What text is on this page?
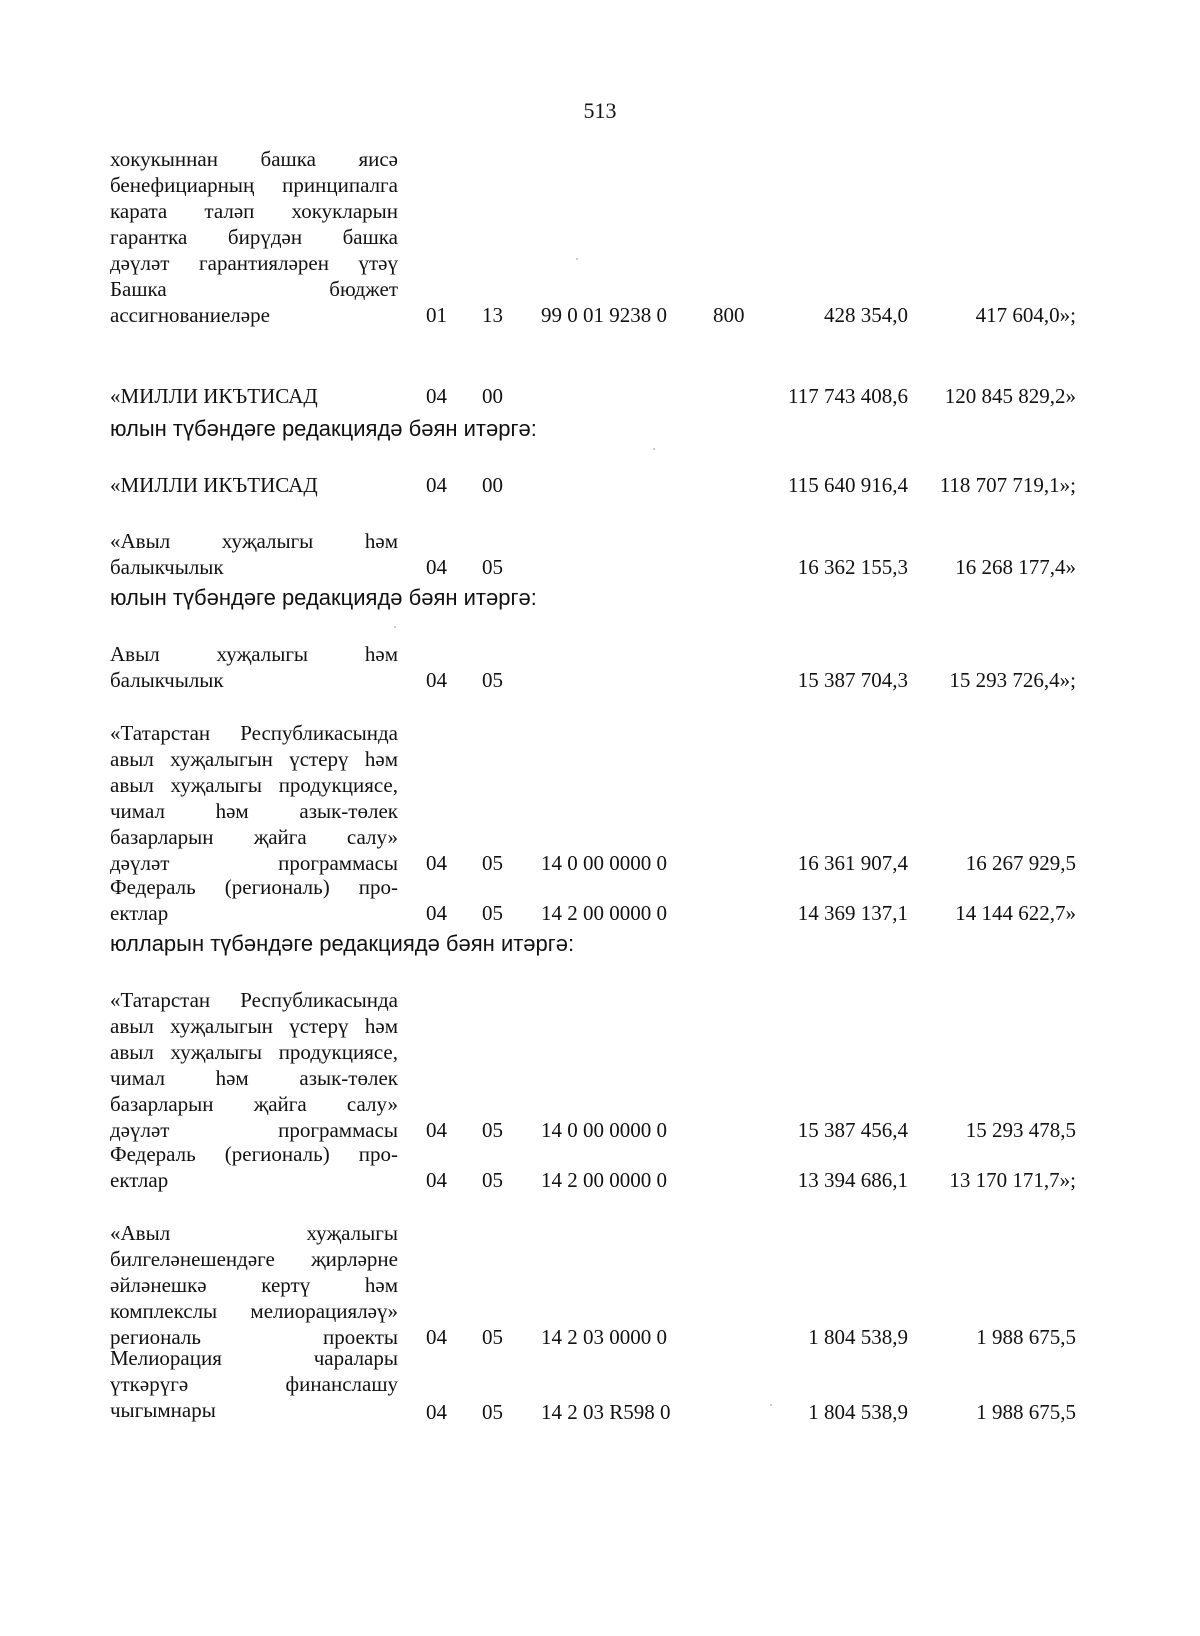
513
хокукыннан башка яисә
бенефициарның принципалга
карата таләп хокукларын
гарантка бирүдән башка
дәүләт гарантияләрен үтәү
Башка бюджет
ассигнованиеләре	01 13 99 0 01 9238 0 800	428 354,0	417 604,0»;
«МИЛЛИ ИКЪТИСАД	04 00	117 743 408,6 120 845 829,2»
юлын түбәндәге редакциядә бәян итәргә:
«МИЛЛИ ИКЪТИСАД	04 00	115 640 916,4 118 707 719,1»;
«Авыл хуҗалыгы һәм
балыкчылык	04 05	16 362 155,3 16 268 177,4»
юлын түбәндәге редакциядә бәян итәргә:
Авыл хуҗалыгы һәм
балыкчылык	04 05	15 387 704,3 15 293 726,4»;
«Татарстан Республикасында
авыл хуҗалыгын үстерү һәм
авыл хуҗалыгы продукциясе,
чимал һәм азык-төлек
базарларын җайга салу»
дәүләт программасы 04 05 14 0 00 0000 0	16 361 907,4	16 267 929,5
Федераль (региональ) про-
ектлар	04 05 14 2 00 0000 0	14 369 137,1 14 144 622,7»
юлларын түбәндәге редакциядә бәян итәргә:
«Татарстан Республикасында
авыл хуҗалыгын үстерү һәм
авыл хуҗалыгы продукциясе,
чимал һәм азык-төлек
базарларын җайга салу»
дәүләт программасы 04 05 14 0 00 0000 0	15 387 456,4	15 293 478,5
Федераль (региональ) про-
ектлар	04 05 14 2 00 0000 0	13 394 686,1 13 170 171,7»;
«Авыл хуҗалыгы
билгеләнешендәге җирләрне
әйләнешкә кертү һәм
комплекслы мелиорацияләү»
региональ проекты 04 05 14 2 03 0000 0	1 804 538,9	1 988 675,5
Мелиорация чаралары
үткәрүгә финанслашу
чыгымнары	04 05 14 2 03 R598 0	1 804 538,9	1 988 675,5
